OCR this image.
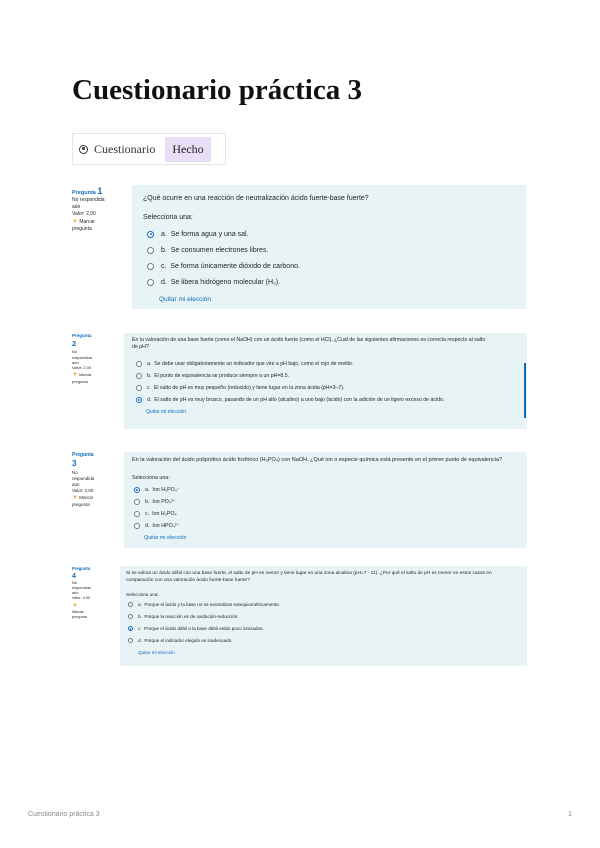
Cuestionario práctica 3
Cuestionario	Hecho
Pregunta 1
No respondida
aún
Valor: 2,00
▼ Marcar
pregunta
¿Qué ocurre en una reacción de neutralización ácido fuerte-base fuerte?
Selecciona una:
a.
Se forma agua y una sal.
b.
Se consumen electrones libres.
c.
Se forma únicamente dióxido de carbono.
d.
Se libera hidrógeno molecular (H₂).
Quitar mi elección
Pregunta 2
No respondida
aún
Valor: 2,00
▼ Marcar
pregunta
En la valoración de una base fuerte (como el NaOH) con un ácido fuerte (como el HCl), ¿Cuál de las siguientes afirmaciones es correcta respecto al salto
de pH?
a.
Se debe usar obligatoriamente un indicador que vire a pH bajo, como el rojo de metilo.
b.
El punto de equivalencia se produce siempre a un pH=8.5.
c.
El salto de pH es muy pequeño (reducido) y tiene lugar en la zona ácida (pH=3–7).
d.
El salto de pH es muy brusco, pasando de un pH alto (alcalino) a uno bajo (ácido) con la adición de un ligero exceso de ácido.
Quitar mi elección
Pregunta 3
No respondida
aún
Valor: 2,00
▼ Marcar
pregunta
En la valoración del ácido poliprótico ácido fosfórico (H₃PO₄) con NaOH, ¿Qué ion o especie química está presente en el primer punto de equivalencia?
Selecciona una:
a.
Ion H₂PO₄⁻
b.
Ion PO₄³⁻
c.
Ion H₃PO₄
d.
Ion HPO₄²⁻
Quitar mi elección
Pregunta 4
No respondida
aún
Valor: 2,00
▼ Marcar
pregunta
Si se valora un ácido débil con una base fuerte, el salto de pH es menor y tiene lugar en una zona alcalina (pH=7 - 11). ¿Por qué el salto de pH es menor en estos casos en
comparación con una valoración ácido fuerte-base fuerte?
Selecciona una:
a.
Porque el ácido y la base no se neutralizan estequiométricamente.
b.
Porque la reacción es de oxidación-reducción.
c.
Porque el ácido débil o la base débil están poco ionizados.
d.
Porque el indicador elegido es inadecuado.
Quitar mi elección
Cuestionario práctica 3	1
